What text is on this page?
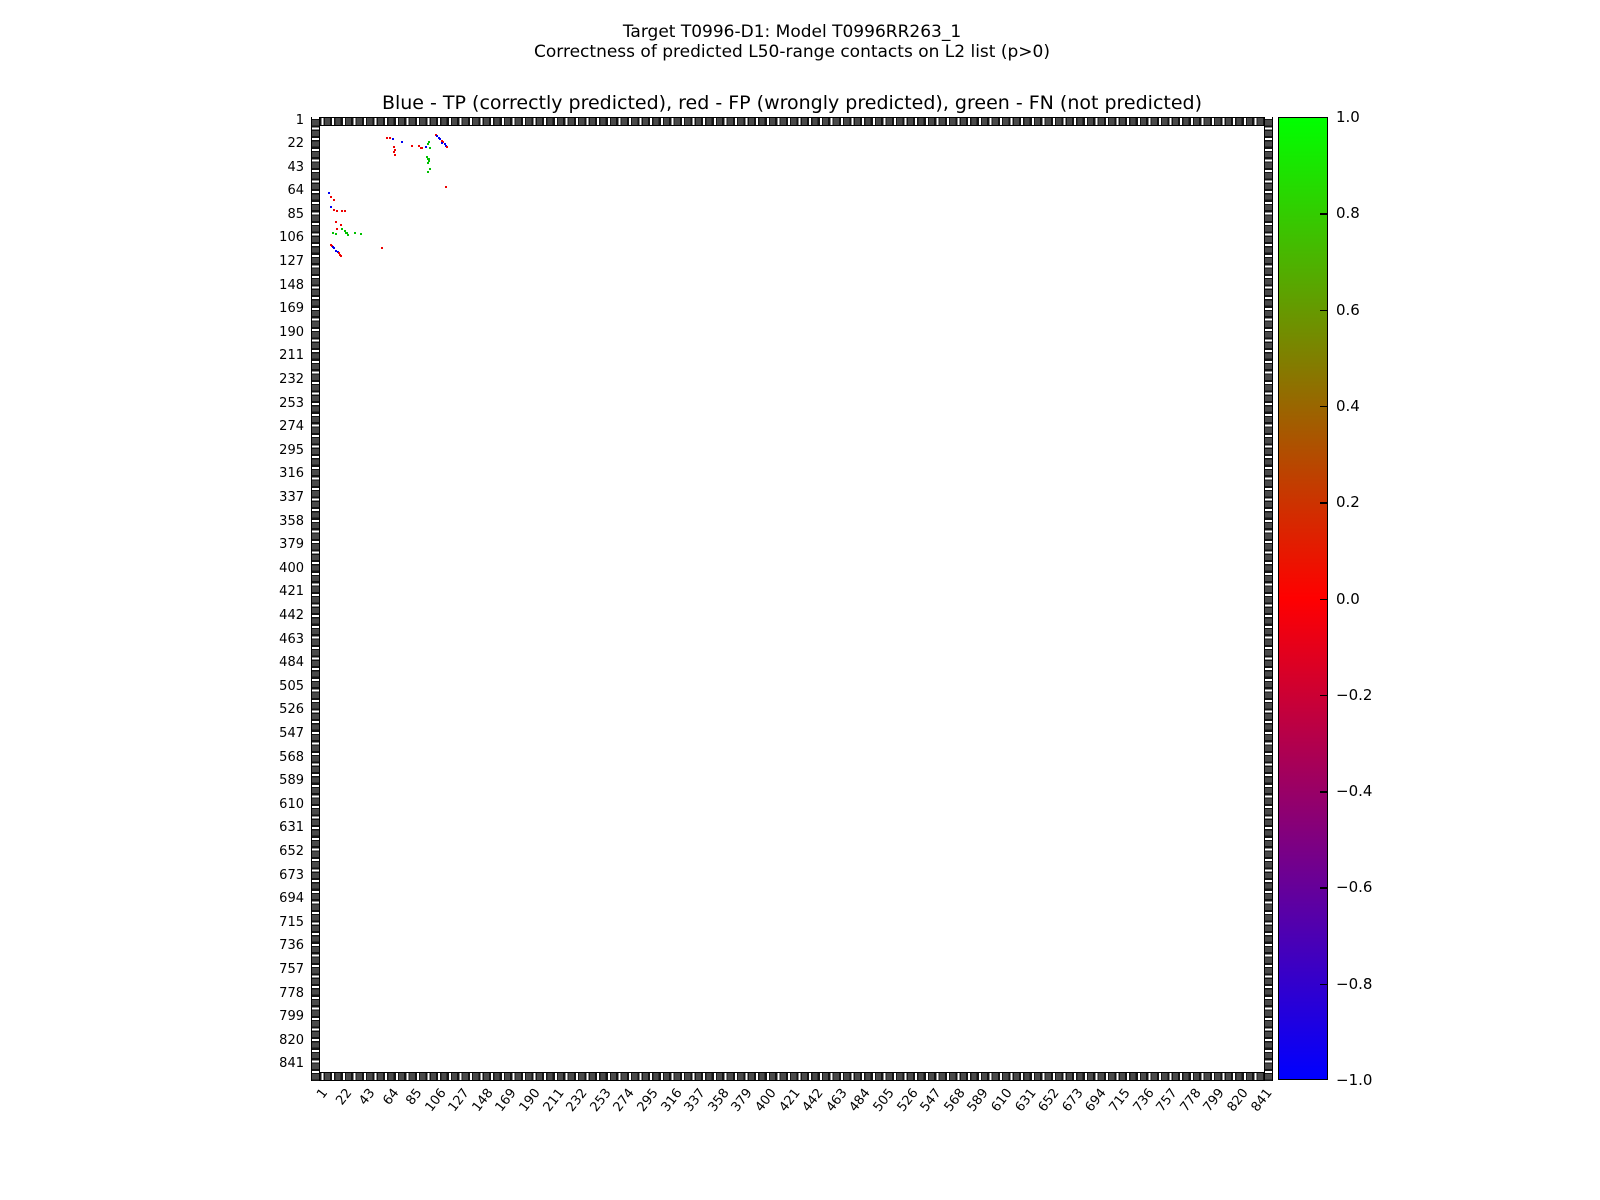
Target T0996-D1: Model T0996RR263_1
Correctness of predicted L50-range contacts on L2 list (p>0)
Blue - TP (correctly predicted), red - FP (wrongly predicted), green - FN (not predicted)
1
22
43
64
85
106
127
148
169
190
211
232
253
274
295
316
337
358
379
400
421
442
463
484
505
526
547
568
589
610
631
652
673
694
715
736
757
778
799
820
841
1 22 43 64 85
106
127
148
169
190
211
232
253
274
295
316
337
358
379
400
421
442
463
484
505
526
547
568
589
610
631
652
673
694
715
736
757
778
799
820
841
1.0
0.8
0.6
0.4
0.2
0.0
−0.2
−0.4
−0.6
−0.8
−1.0
